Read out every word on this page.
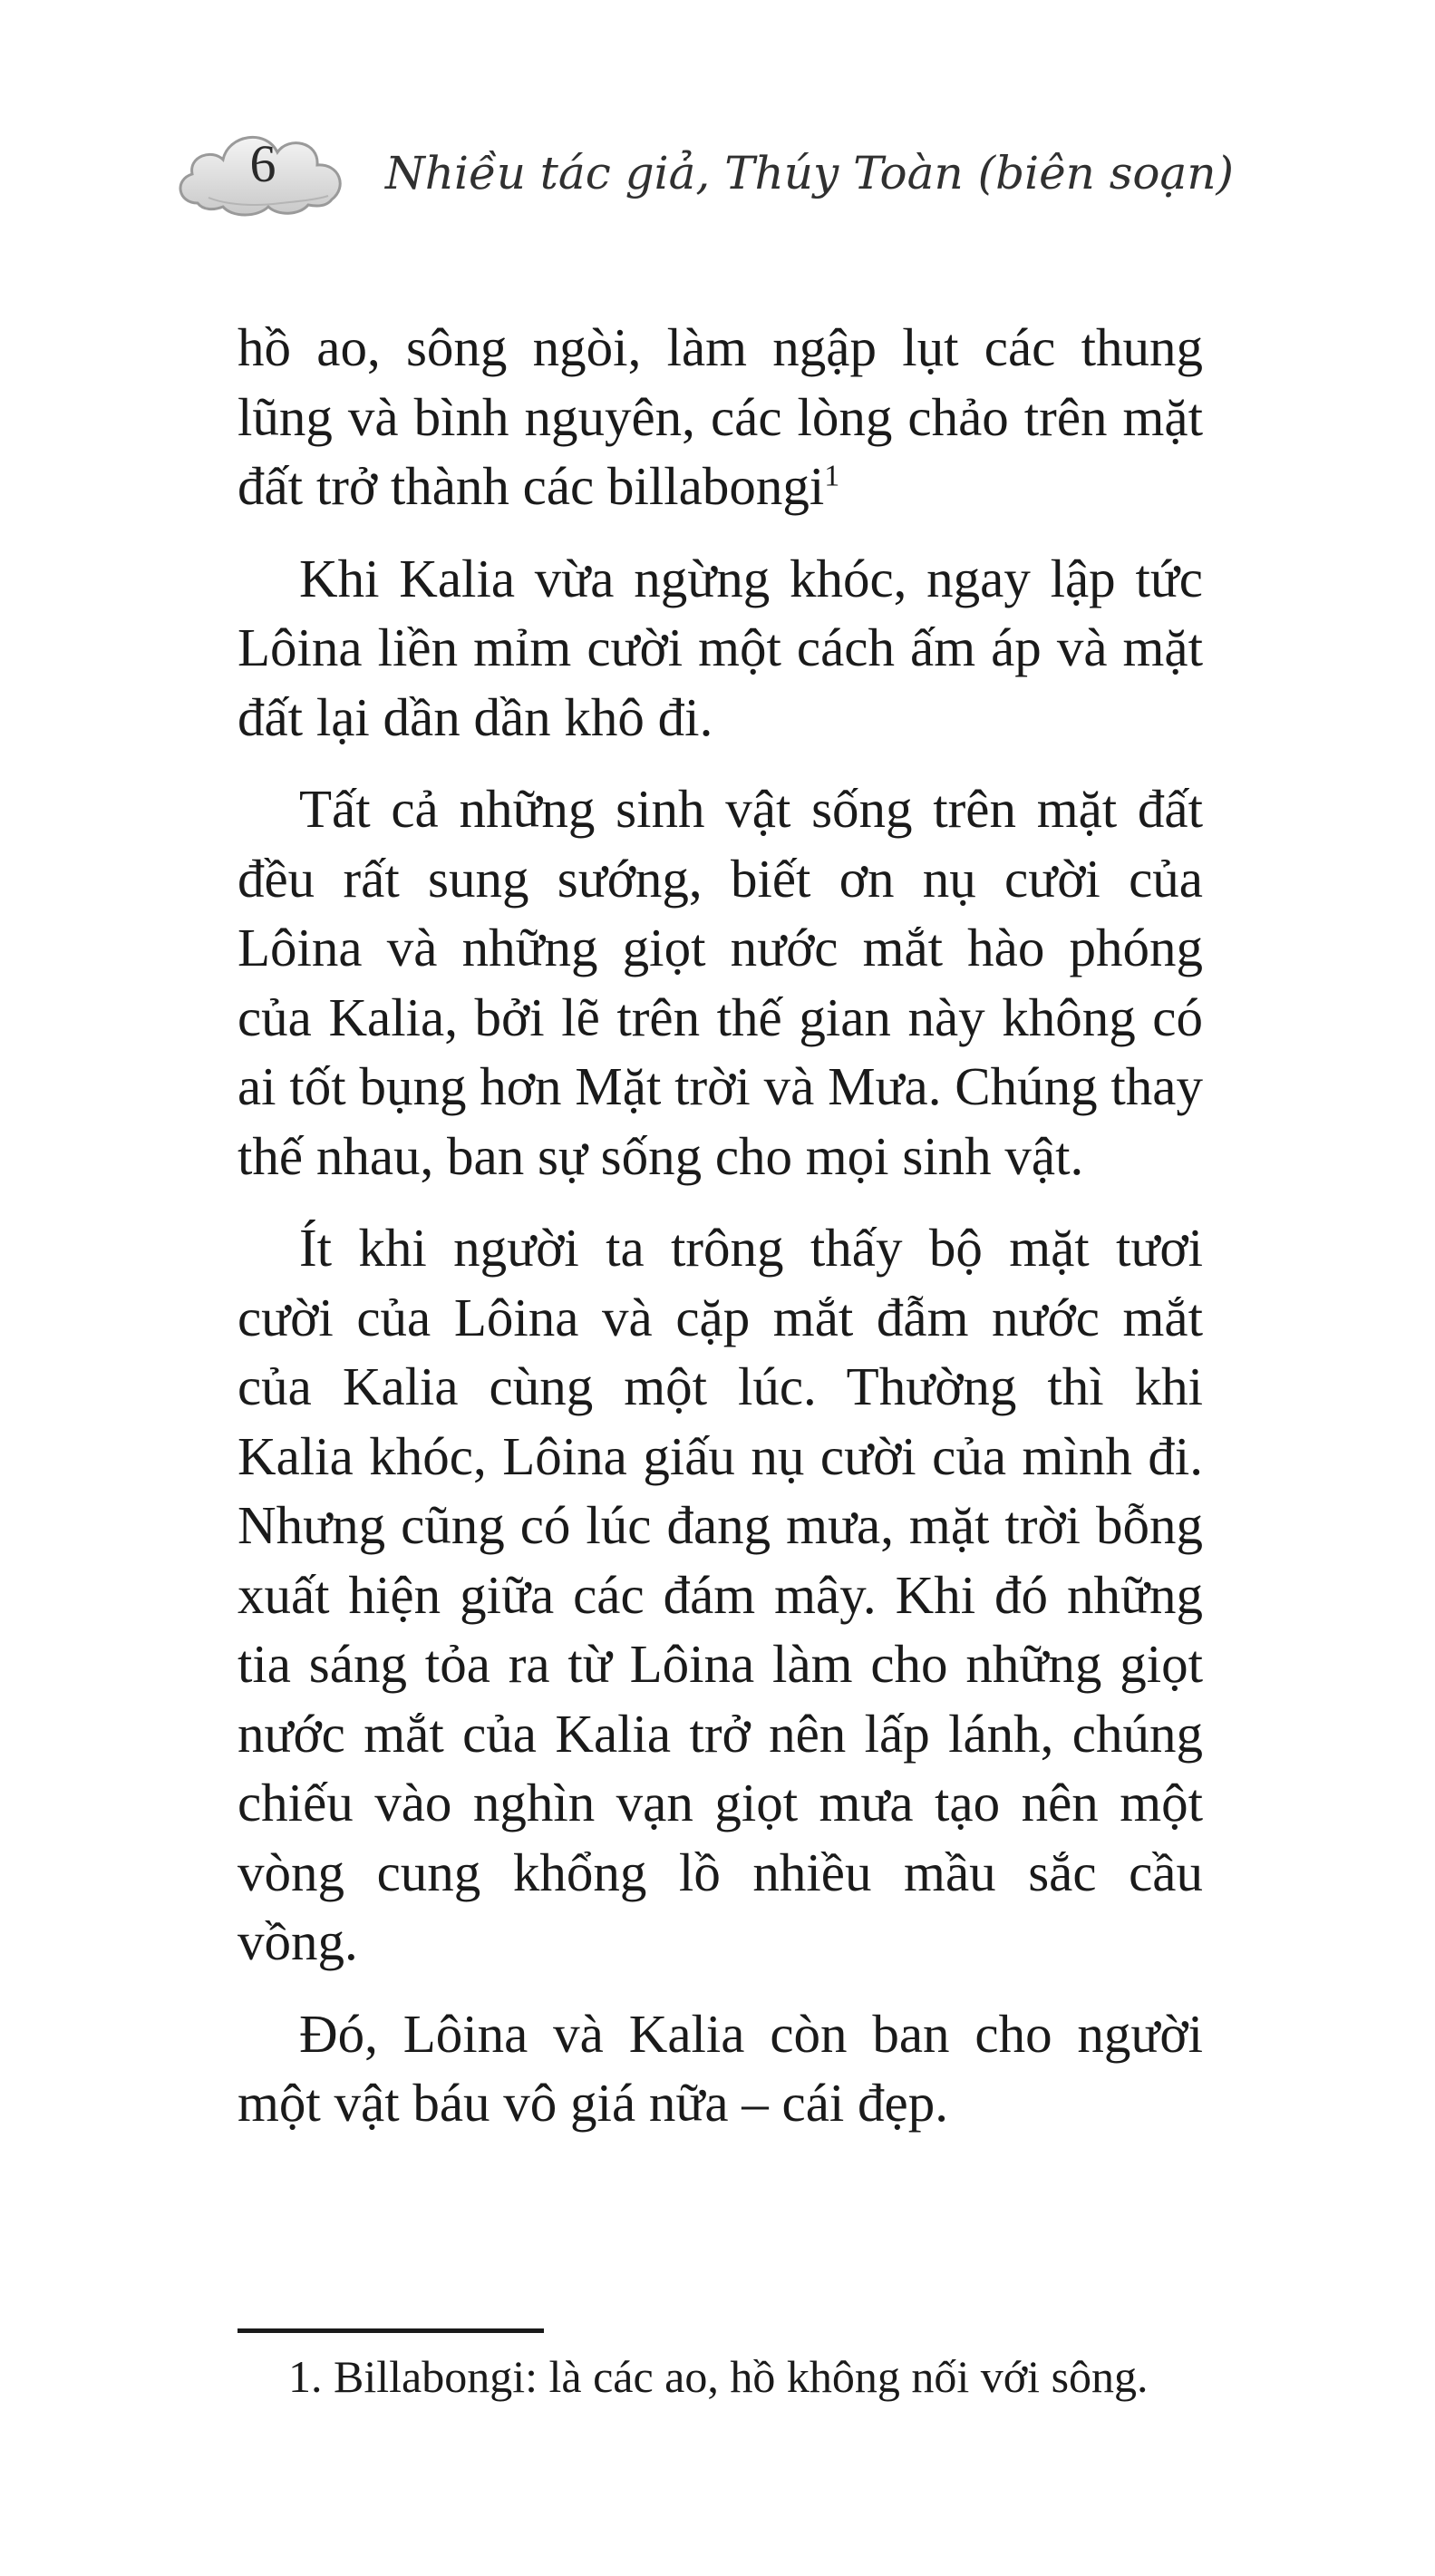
6	Nhiều tác giả, Thúy Toàn (biên soạn)

hồ ao, sông ngòi, làm ngập lụt các thung lũng và bình nguyên, các lòng chảo trên mặt đất trở thành các billabongi$^1$

Khi Kalia vừa ngừng khóc, ngay lập tức Lôina liền mỉm cười một cách ấm áp và mặt đất lại dần dần khô đi.

Tất cả những sinh vật sống trên mặt đất đều rất sung sướng, biết ơn nụ cười của Lôina và những giọt nước mắt hào phóng của Kalia, bởi lẽ trên thế gian này không có ai tốt bụng hơn Mặt trời và Mưa. Chúng thay thế nhau, ban sự sống cho mọi sinh vật.

Ít khi người ta trông thấy bộ mặt tươi cười của Lôina và cặp mắt đẫm nước mắt của Kalia cùng một lúc. Thường thì khi Kalia khóc, Lôina giấu nụ cười của mình đi. Nhưng cũng có lúc đang mưa, mặt trời bỗng xuất hiện giữa các đám mây. Khi đó những tia sáng tỏa ra từ Lôina làm cho những giọt nước mắt của Kalia trở nên lấp lánh, chúng chiếu vào nghìn vạn giọt mưa tạo nên một vòng cung khổng lồ nhiều mầu sắc cầu vồng.

Đó, Lôina và Kalia còn ban cho người một vật báu vô giá nữa – cái đẹp.

1. Billabongi: là các ao, hồ không nối với sông.
